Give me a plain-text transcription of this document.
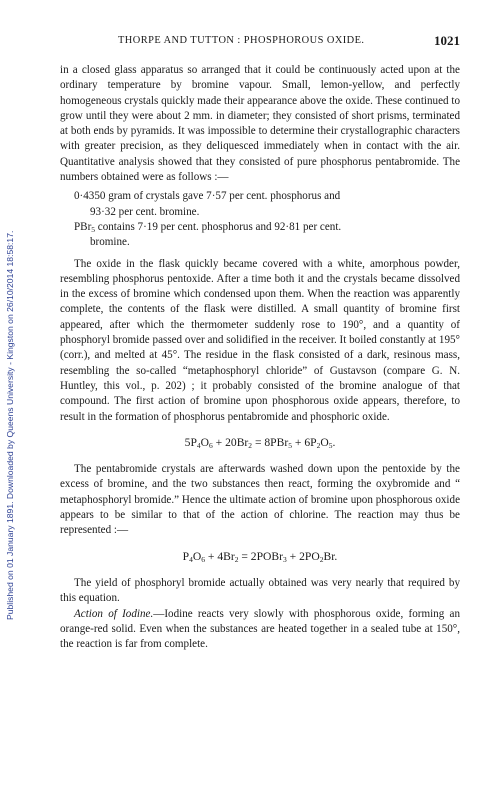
Published on 01 January 1891. Downloaded by Queens University - Kingston on 26/10/2014 18:58:17.
THORPE AND TUTTON : PHOSPHOROUS OXIDE.	1021

in a closed glass apparatus so arranged that it could be continuously acted upon at the ordinary temperature by bromine vapour. Small, lemon-yellow, and perfectly homogeneous crystals quickly made their appearance above the oxide. These continued to grow until they were about 2 mm. in diameter; they consisted of short prisms, terminated at both ends by pyramids. It was impossible to determine their crystallographic characters with greater precision, as they deliquesced immediately when in contact with the air. Quantitative analysis showed that they consisted of pure phosphorus pentabromide. The numbers obtained were as follows :—

0·4350 gram of crystals gave 7·57 per cent. phosphorus and
93·32 per cent. bromine.
PBr$_5$ contains 7·19 per cent. phosphorus and 92·81 per cent.
bromine.

The oxide in the flask quickly became covered with a white, amorphous powder, resembling phosphorus pentoxide. After a time both it and the crystals became dissolved in the excess of bromine which condensed upon them. When the reaction was apparently complete, the contents of the flask were distilled. A small quantity of bromine first appeared, after which the thermometer suddenly rose to 190°, and a quantity of phosphoryl bromide passed over and solidified in the receiver. It boiled constantly at 195° (corr.), and melted at 45°. The residue in the flask consisted of a dark, resinous mass, resembling the so-called “metaphosphoryl chloride” of Gustavson (compare G. N. Huntley, this vol., p. 202) ; it probably consisted of the bromine analogue of that compound. The first action of bromine upon phosphorous oxide appears, therefore, to result in the formation of phosphorus pentabromide and phosphoric oxide.

$5P_4O_6 + 20Br_2 = 8PBr_5 + 6P_2O_5$.

The pentabromide crystals are afterwards washed down upon the pentoxide by the excess of bromine, and the two substances then react, forming the oxybromide and “ metaphosphoryl bromide.” Hence the ultimate action of bromine upon phosphorous oxide appears to be similar to that of the action of chlorine. The reaction may thus be represented :—

$P_4O_6 + 4Br_2$ = 2POBr$_3$ + $2PO_2Br$.

The yield of phosphoryl bromide actually obtained was very nearly that required by this equation.

Action of Iodine.—Iodine reacts very slowly with phosphorous oxide, forming an orange-red solid. Even when the substances are heated together in a sealed tube at 150°, the reaction is far from complete.
